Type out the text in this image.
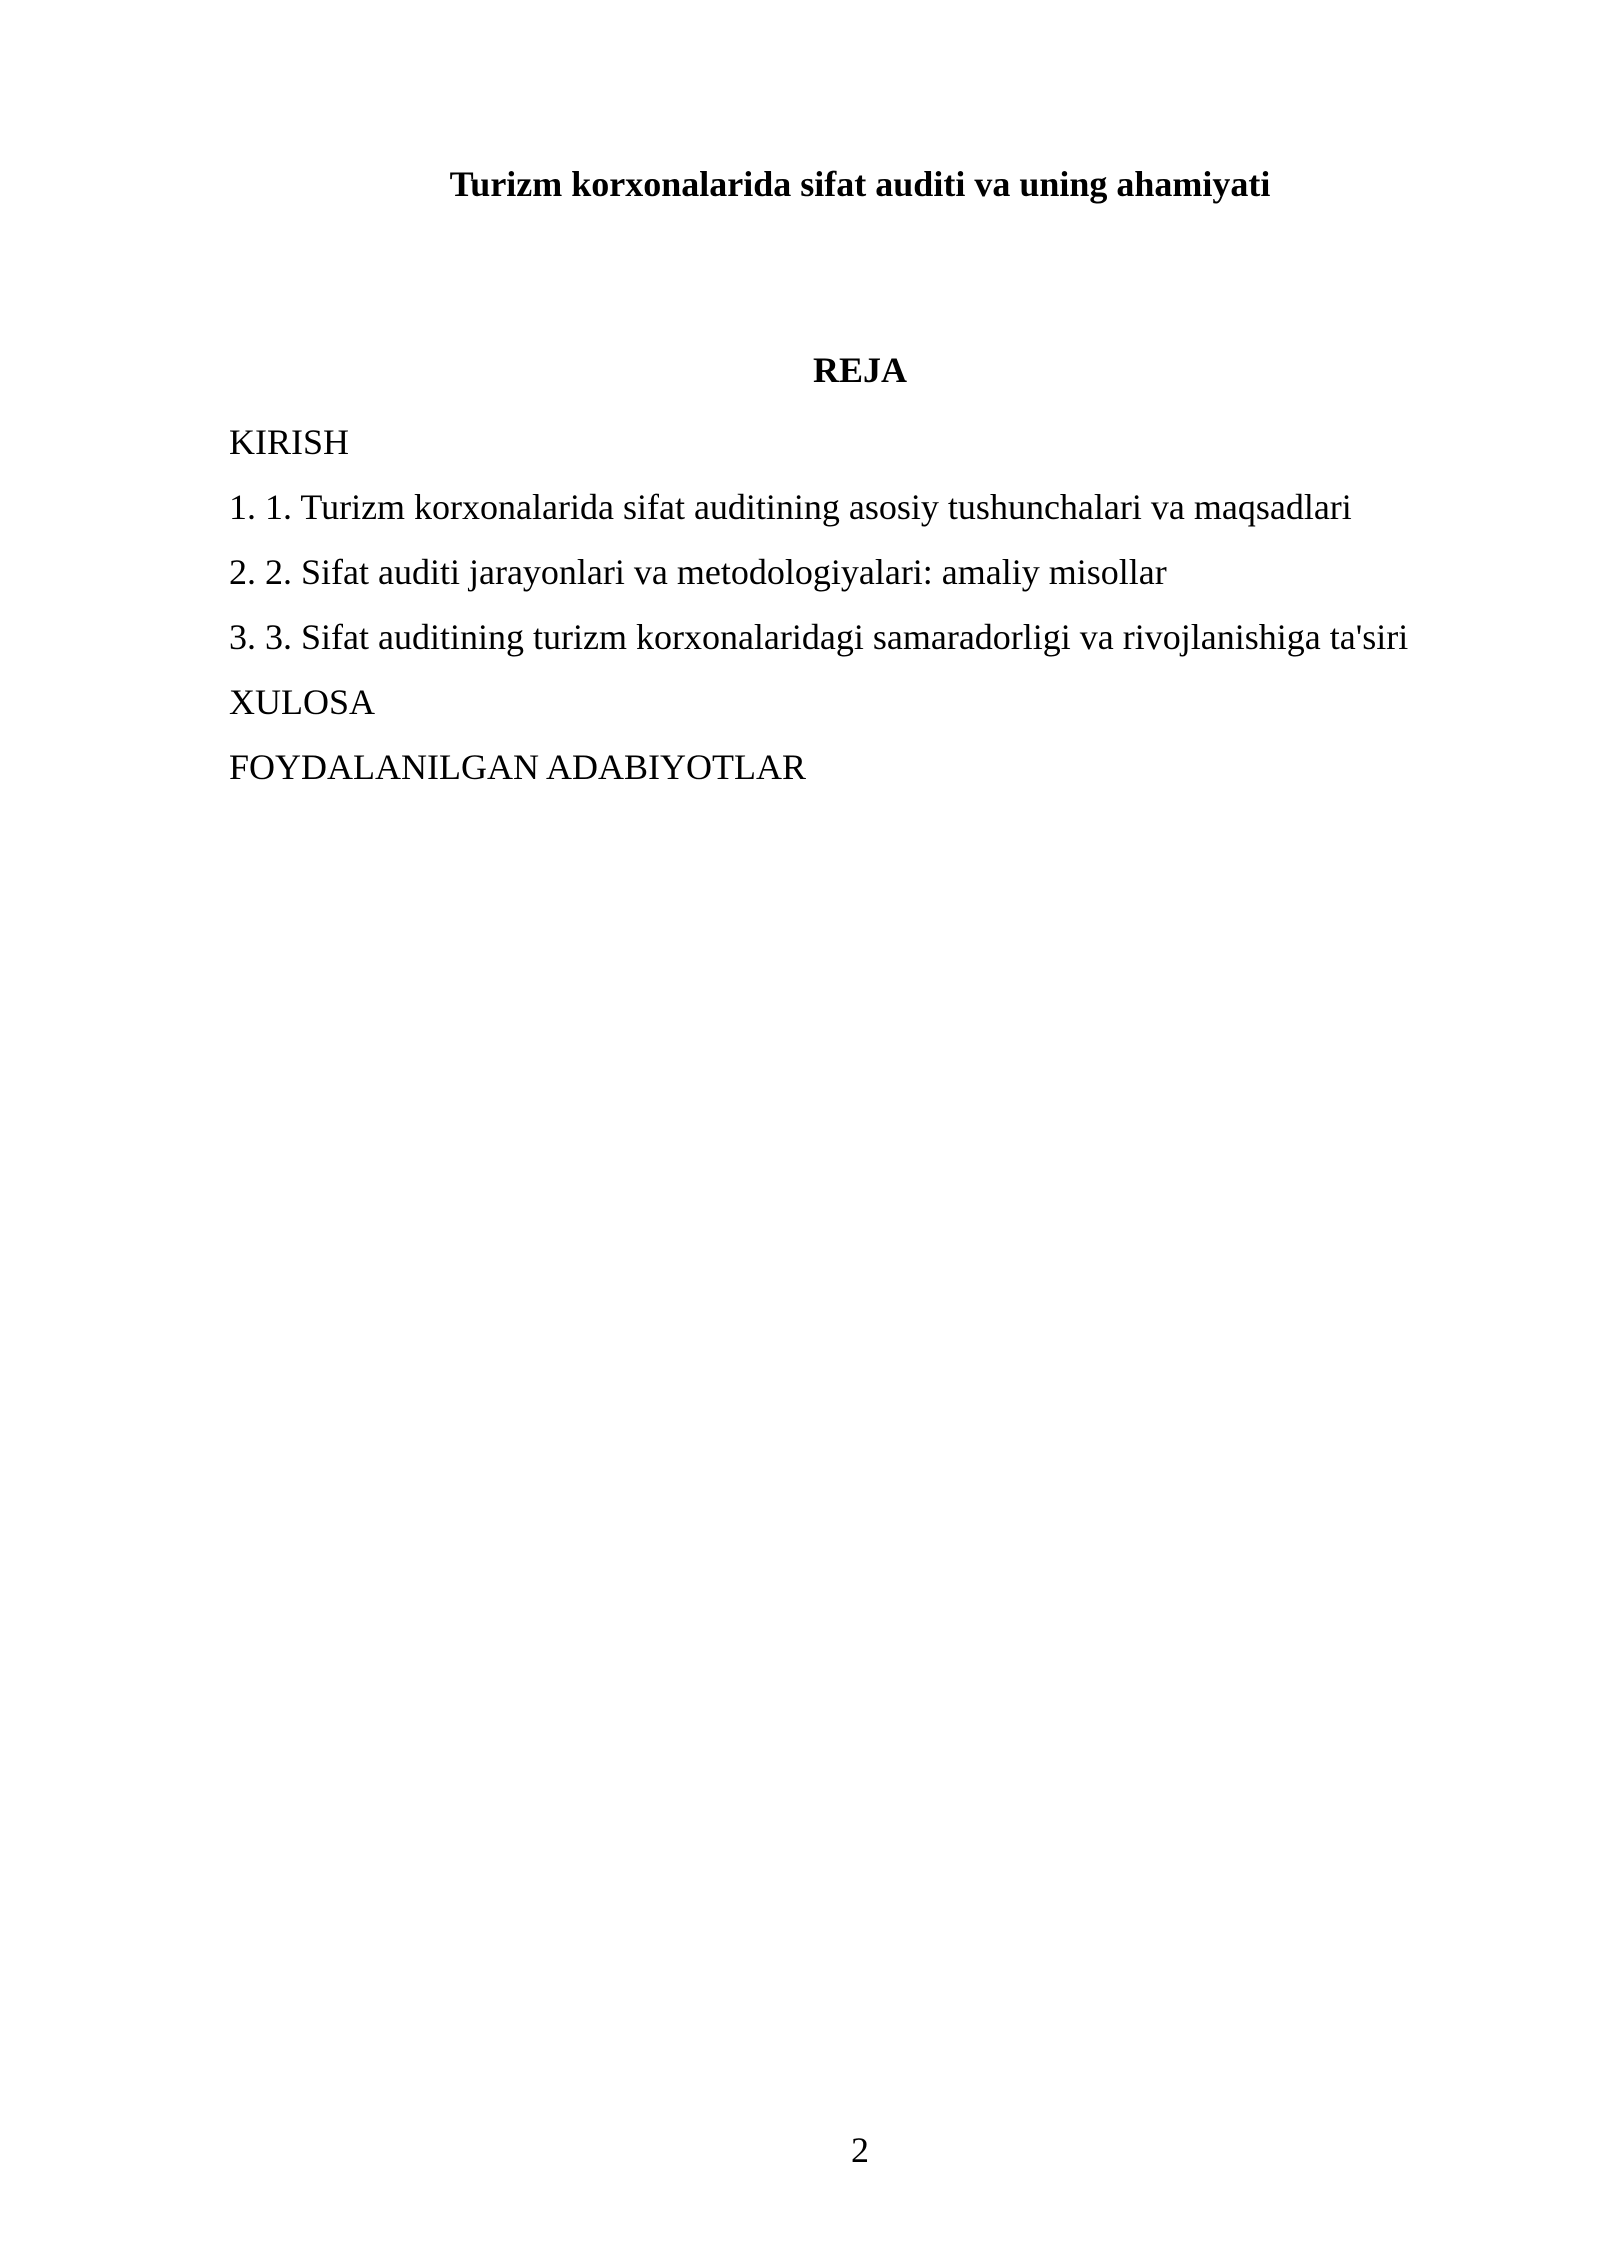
Turizm korxonalarida sifat auditi va uning ahamiyati
REJA
KIRISH
1. 1. Turizm korxonalarida sifat auditining asosiy tushunchalari va maqsadlari
2. 2. Sifat auditi jarayonlari va metodologiyalari: amaliy misollar
3. 3. Sifat auditining turizm korxonalaridagi samaradorligi va rivojlanishiga ta'siri
XULOSA
FOYDALANILGAN ADABIYOTLAR
2
